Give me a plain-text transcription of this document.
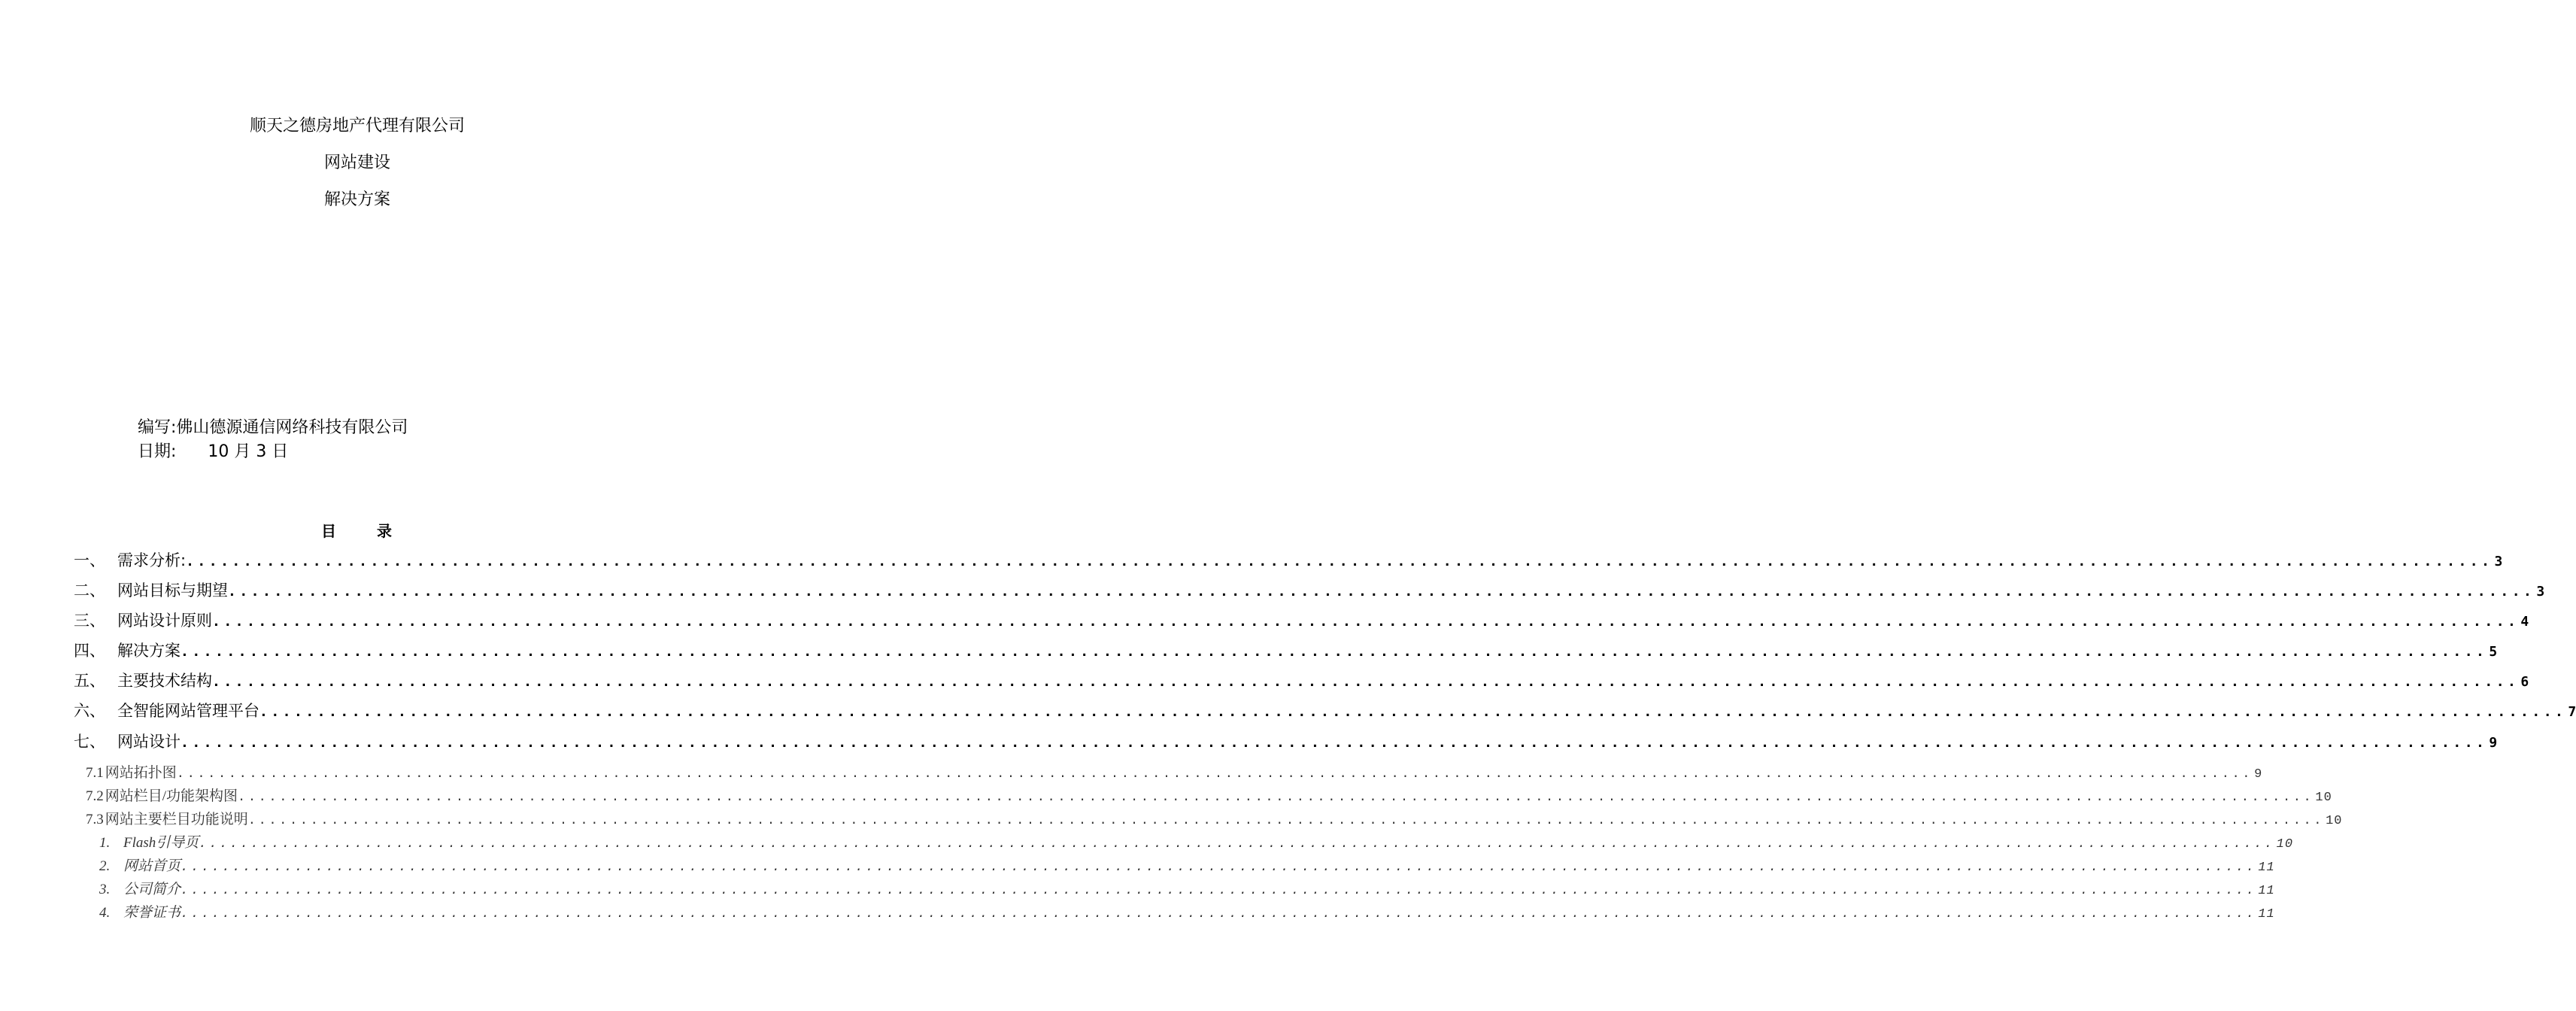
顺天之德房地产代理有限公司
网站建设
解决方案
编写:佛山德源通信网络科技有限公司
日期: 10 月 3 日
目	录
一、 需求分析: ........................................................................................................................................................................................................ 3
二、 网站目标与期望 ........................................................................................................................................................................................................ 3
三、 网站设计原则 ........................................................................................................................................................................................................ 4
四、 解决方案 ........................................................................................................................................................................................................ 5
五、 主要技术结构 ........................................................................................................................................................................................................ 6
六、 全智能网站管理平台 ........................................................................................................................................................................................................ 7
七、 网站设计 ........................................................................................................................................................................................................ 9
7.1 网站拓扑图 ........................................................................................................................................................................................................ 9
7.2 网站栏目/功能架构图 ........................................................................................................................................................................................................ 10
7.3 网站主要栏目功能说明 ........................................................................................................................................................................................................ 10
1. Flash引导页 ........................................................................................................................................................................................................ 10
2. 网站首页 ........................................................................................................................................................................................................ 11
3. 公司简介 ........................................................................................................................................................................................................ 11
4. 荣誉证书 ........................................................................................................................................................................................................ 11
